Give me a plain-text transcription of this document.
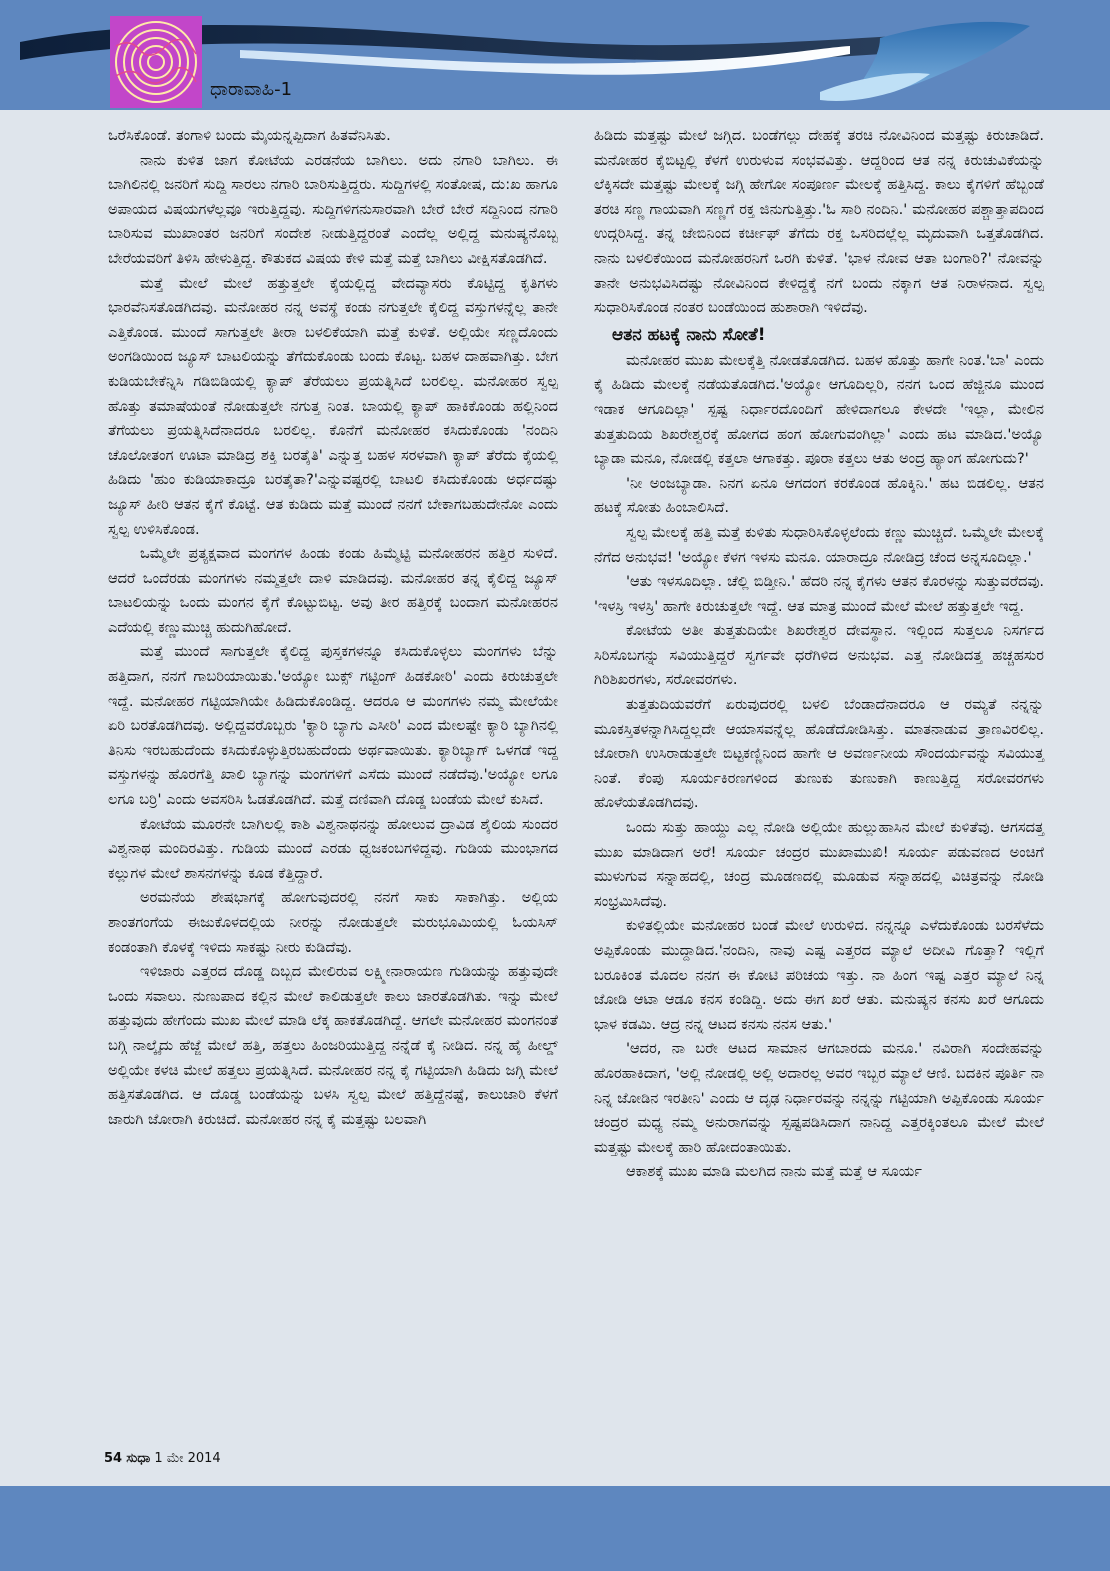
ಧಾರಾವಾಹಿ-1

ಒರೆಸಿಕೊಂಡೆ. ತಂಗಾಳಿ ಬಂದು ಮೈಯನ್ನಪ್ಪಿದಾಗ ಹಿತವೆನಿಸಿತು.

ನಾನು ಕುಳಿತ ಜಾಗ ಕೋಟೆಯ ಎರಡನೆಯ ಬಾಗಿಲು. ಅದು ನಗಾರಿ ಬಾಗಿಲು. ಈ ಬಾಗಿಲಿನಲ್ಲಿ ಜನರಿಗೆ ಸುದ್ದಿ ಸಾರಲು ನಗಾರಿ ಬಾರಿಸುತ್ತಿದ್ದರು. ಸುದ್ದಿಗಳಲ್ಲಿ ಸಂತೋಷ, ದು:ಖ ಹಾಗೂ ಅಪಾಯದ ವಿಷಯಗಳೆಲ್ಲವೂ ಇರುತ್ತಿದ್ದವು. ಸುದ್ದಿಗಳಿಗನುಸಾರವಾಗಿ ಬೇರೆ ಬೇರೆ ಸದ್ದಿನಿಂದ ನಗಾರಿ ಬಾರಿಸುವ ಮುಖಾಂತರ ಜನರಿಗೆ ಸಂದೇಶ ನೀಡುತ್ತಿದ್ದರಂತೆ ಎಂದೆಲ್ಲ ಅಲ್ಲಿದ್ದ ಮನುಷ್ಯನೊಬ್ಬ ಬೇರೆಯವರಿಗೆ ತಿಳಿಸಿ ಹೇಳುತ್ತಿದ್ದ. ಕೌತುಕದ ವಿಷಯ ಕೇಳಿ ಮತ್ತೆ ಮತ್ತೆ ಬಾಗಿಲು ವೀಕ್ಷಿಸತೊಡಗಿದೆ.

ಮತ್ತೆ ಮೇಲೆ ಮೇಲೆ ಹತ್ತುತ್ತಲೇ ಕೈಯಲ್ಲಿದ್ದ ವೇದವ್ಯಾಸರು ಕೊಟ್ಟಿದ್ದ ಕೃತಿಗಳು ಭಾರವೆನಿಸತೊಡಗಿದವು. ಮನೋಹರ ನನ್ನ ಅವಸ್ಥೆ ಕಂಡು ನಗುತ್ತಲೇ ಕೈಲಿದ್ದ ವಸ್ತುಗಳನ್ನೆಲ್ಲ ತಾನೇ ಎತ್ತಿಕೊಂಡ. ಮುಂದೆ ಸಾಗುತ್ತಲೇ ತೀರಾ ಬಳಲಿಕೆಯಾಗಿ ಮತ್ತೆ ಕುಳಿತೆ. ಅಲ್ಲಿಯೇ ಸಣ್ಣದೊಂದು ಅಂಗಡಿಯಿಂದ ಜ್ಯೂಸ್ ಬಾಟಲಿಯನ್ನು ತೆಗೆದುಕೊಂಡು ಬಂದು ಕೊಟ್ಟ. ಬಹಳ ದಾಹವಾಗಿತ್ತು. ಬೇಗ ಕುಡಿಯಬೇಕೆನ್ನಿಸಿ ಗಡಿಬಿಡಿಯಲ್ಲಿ ಕ್ಯಾಪ್ ತೆರೆಯಲು ಪ್ರಯತ್ನಿಸಿದೆ ಬರಲಿಲ್ಲ. ಮನೋಹರ ಸ್ವಲ್ಪ ಹೊತ್ತು ತಮಾಷೆಯಂತೆ ನೋಡುತ್ತಲೇ ನಗುತ್ತ ನಿಂತ. ಬಾಯಲ್ಲಿ ಕ್ಯಾಪ್ ಹಾಕಿಕೊಂಡು ಹಲ್ಲಿನಿಂದ ತೆಗೆಯಲು ಪ್ರಯತ್ನಿಸಿದೆನಾದರೂ ಬರಲಿಲ್ಲ. ಕೊನೆಗೆ ಮನೋಹರ ಕಸಿದುಕೊಂಡು 'ನಂದಿನಿ ಚೊಲೋತಂಗ ಊಟಾ ಮಾಡಿದ್ರ ಶಕ್ತಿ ಬರತೈತಿ' ಎನ್ನುತ್ತ ಬಹಳ ಸರಳವಾಗಿ ಕ್ಯಾಪ್ ತೆರೆದು ಕೈಯಲ್ಲಿ ಹಿಡಿದು 'ಹುಂ ಕುಡಿಯಾಕಾದ್ರೂ ಬರತೈತಾ?'ಎನ್ನುವಷ್ಟರಲ್ಲಿ ಬಾಟಲಿ ಕಸಿದುಕೊಂಡು ಅರ್ಧದಷ್ಟು ಜ್ಯೂಸ್ ಹೀರಿ ಆತನ ಕೈಗೆ ಕೊಟ್ಟೆ. ಆತ ಕುಡಿದು ಮತ್ತೆ ಮುಂದೆ ನನಗೆ ಬೇಕಾಗಬಹುದೇನೋ ಎಂದು ಸ್ವಲ್ಪ ಉಳಿಸಿಕೊಂಡ.

ಒಮ್ಮೆಲೇ ಪ್ರತ್ಯಕ್ಷವಾದ ಮಂಗಗಳ ಹಿಂಡು ಕಂಡು ಹಿಮ್ಮೆಟ್ಟಿ ಮನೋಹರನ ಹತ್ತಿರ ಸುಳಿದೆ. ಆದರೆ ಒಂದೆರಡು ಮಂಗಗಳು ನಮ್ಮತ್ತಲೇ ದಾಳಿ ಮಾಡಿದವು. ಮನೋಹರ ತನ್ನ ಕೈಲಿದ್ದ ಜ್ಯೂಸ್ ಬಾಟಲಿಯನ್ನು ಒಂದು ಮಂಗನ ಕೈಗೆ ಕೊಟ್ಟುಬಿಟ್ಟ. ಅವು ತೀರ ಹತ್ತಿರಕ್ಕೆ ಬಂದಾಗ ಮನೋಹರನ ಎದೆಯಲ್ಲಿ ಕಣ್ಣುಮುಚ್ಚಿ ಹುದುಗಿಹೋದೆ.

ಮತ್ತೆ ಮುಂದೆ ಸಾಗುತ್ತಲೇ ಕೈಲಿದ್ದ ಪುಸ್ತಕಗಳನ್ನೂ ಕಸಿದುಕೊಳ್ಳಲು ಮಂಗಗಳು ಬೆನ್ನು ಹತ್ತಿದಾಗ, ನನಗೆ ಗಾಬರಿಯಾಯಿತು.'ಅಯ್ಯೋ ಬುಕ್ಸ್ ಗಟ್ಟಿಂಗ್ ಹಿಡಕೋರಿ' ಎಂದು ಕಿರುಚುತ್ತಲೇ ಇದ್ದೆ. ಮನೋಹರ ಗಟ್ಟಿಯಾಗಿಯೇ ಹಿಡಿದುಕೊಂಡಿದ್ದ. ಆದರೂ ಆ ಮಂಗಗಳು ನಮ್ಮ ಮೇಲೆಯೇ ಏರಿ ಬರತೊಡಗಿದವು. ಅಲ್ಲಿದ್ದವರೊಬ್ಬರು 'ಕ್ಯಾರಿ ಬ್ಯಾಗು ಎಸೀರಿ' ಎಂದ ಮೇಲಷ್ಟೇ ಕ್ಯಾರಿ ಬ್ಯಾಗಿನಲ್ಲಿ ತಿನಿಸು ಇರಬಹುದೆಂದು ಕಸಿದುಕೊಳ್ಳುತ್ತಿರಬಹುದೆಂದು ಅರ್ಥವಾಯಿತು. ಕ್ಯಾರಿಬ್ಯಾಗ್ ಒಳಗಡೆ ಇದ್ದ ವಸ್ತುಗಳನ್ನು ಹೊರಗೆತ್ತಿ ಖಾಲಿ ಬ್ಯಾಗನ್ನು ಮಂಗಗಳಿಗೆ ಎಸೆದು ಮುಂದೆ ನಡೆದೆವು.'ಅಯ್ಯೋ ಲಗೂ ಲಗೂ ಬರ್ರಿ' ಎಂದು ಅವಸರಿಸಿ ಓಡತೊಡಗಿದೆ. ಮತ್ತೆ ದಣಿವಾಗಿ ದೊಡ್ಡ ಬಂಡೆಯ ಮೇಲೆ ಕುಸಿದೆ.

ಕೋಟೆಯ ಮೂರನೇ ಬಾಗಿಲಲ್ಲಿ ಕಾಶಿ ವಿಶ್ವನಾಥನನ್ನು ಹೋಲುವ ದ್ರಾವಿಡ ಶೈಲಿಯ ಸುಂದರ ವಿಶ್ವನಾಥ ಮಂದಿರವಿತ್ತು. ಗುಡಿಯ ಮುಂದೆ ಎರಡು ಧ್ವಜಕಂಬಗಳಿದ್ದವು. ಗುಡಿಯ ಮುಂಭಾಗದ ಕಲ್ಲುಗಳ ಮೇಲೆ ಶಾಸನಗಳನ್ನು ಕೂಡ ಕೆತ್ತಿದ್ದಾರೆ.

ಅರಮನೆಯ ಶೇಷಭಾಗಕ್ಕೆ ಹೋಗುವುದರಲ್ಲಿ ನನಗೆ ಸಾಕು ಸಾಕಾಗಿತ್ತು. ಅಲ್ಲಿಯ ಶಾಂತಗಂಗೆಯ ಈಜುಕೊಳದಲ್ಲಿಯ ನೀರನ್ನು ನೋಡುತ್ತಲೇ ಮರುಭೂಮಿಯಲ್ಲಿ ಓಯಸಿಸ್ ಕಂಡಂತಾಗಿ ಕೊಳಕ್ಕೆ ಇಳಿದು ಸಾಕಷ್ಟು ನೀರು ಕುಡಿದೆವು.

ಇಳಿಜಾರು ಎತ್ತರದ ದೊಡ್ಡ ದಿಬ್ಬದ ಮೇಲಿರುವ ಲಕ್ಷ್ಮೀನಾರಾಯಣ ಗುಡಿಯನ್ನು ಹತ್ತುವುದೇ ಒಂದು ಸವಾಲು. ನುಣುಪಾದ ಕಲ್ಲಿನ ಮೇಲೆ ಕಾಲಿಡುತ್ತಲೇ ಕಾಲು ಜಾರತೊಡಗಿತು. ಇನ್ನು ಮೇಲೆ ಹತ್ತುವುದು ಹೇಗೆಂದು ಮುಖ ಮೇಲೆ ಮಾಡಿ ಲೆಕ್ಕ ಹಾಕತೊಡಗಿದ್ದೆ. ಆಗಲೇ ಮನೋಹರ ಮಂಗನಂತೆ ಬಗ್ಗಿ ನಾಲ್ಕೈದು ಹೆಜ್ಜೆ ಮೇಲೆ ಹತ್ತಿ, ಹತ್ತಲು ಹಿಂಜರಿಯುತ್ತಿದ್ದ ನನ್ನೆಡೆ ಕೈ ನೀಡಿದ. ನನ್ನ ಹೈ ಹೀಲ್ಡ್ ಅಲ್ಲಿಯೇ ಕಳಚಿ ಮೇಲೆ ಹತ್ತಲು ಪ್ರಯತ್ನಿಸಿದೆ. ಮನೋಹರ ನನ್ನ ಕೈ ಗಟ್ಟಿಯಾಗಿ ಹಿಡಿದು ಜಗ್ಗಿ ಮೇಲೆ ಹತ್ತಿಸತೊಡಗಿದ. ಆ ದೊಡ್ಡ ಬಂಡೆಯನ್ನು ಬಳಸಿ ಸ್ವಲ್ಪ ಮೇಲೆ ಹತ್ತಿದ್ದೆನಷ್ಟೆ, ಕಾಲುಜಾರಿ ಕೆಳಗೆ ಜಾರುಗಿ ಜೋರಾಗಿ ಕಿರುಚಿದೆ. ಮನೋಹರ ನನ್ನ ಕೈ ಮತ್ತಷ್ಟು ಬಲವಾಗಿ

ಹಿಡಿದು ಮತ್ತಷ್ಟು ಮೇಲೆ ಜಗ್ಗಿದ. ಬಂಡೆಗಲ್ಲು ದೇಹಕ್ಕೆ ತರಚಿ ನೋವಿನಿಂದ ಮತ್ತಷ್ಟು ಕಿರುಚಾಡಿದೆ. ಮನೋಹರ ಕೈಬಿಟ್ಟಲ್ಲಿ ಕೆಳಗೆ ಉರುಳುವ ಸಂಭವವಿತ್ತು. ಆದ್ದರಿಂದ ಆತ ನನ್ನ ಕಿರುಚುವಿಕೆಯನ್ನು ಲೆಕ್ಕಿಸದೇ ಮತ್ತಷ್ಟು ಮೇಲಕ್ಕೆ ಜಗ್ಗಿ ಹೇಗೋ ಸಂಪೂರ್ಣ ಮೇಲಕ್ಕೆ ಹತ್ತಿಸಿದ್ದ. ಕಾಲು ಕೈಗಳಿಗೆ ಹೆಬ್ಬಂಡೆ ತರಚಿ ಸಣ್ಣ ಗಾಯವಾಗಿ ಸಣ್ಣಗೆ ರಕ್ತ ಜಿನುಗುತ್ತಿತ್ತು.'ಓ ಸಾರಿ ನಂದಿನಿ.' ಮನೋಹರ ಪಶ್ಚಾತ್ತಾಪದಿಂದ ಉದ್ಗರಿಸಿದ್ದ. ತನ್ನ ಜೇಬಿನಿಂದ ಕರ್ಚೀಫ್ ತೆಗೆದು ರಕ್ತ ಒಸರಿದಲ್ಲೆಲ್ಲ ಮೃದುವಾಗಿ ಒತ್ತತೊಡಗಿದ. ನಾನು ಬಳಲಿಕೆಯಿಂದ ಮನೋಹರನಿಗೆ ಒರಗಿ ಕುಳಿತೆ. 'ಭಾಳ ನೋವ ಆತಾ ಬಂಗಾರಿ?' ನೋವನ್ನು ತಾನೇ ಅನುಭವಿಸಿದಷ್ಟು ನೋವಿನಿಂದ ಕೇಳಿದ್ದಕ್ಕೆ ನಗೆ ಬಂದು ನಕ್ಕಾಗ ಆತ ನಿರಾಳನಾದ. ಸ್ವಲ್ಪ ಸುಧಾರಿಸಿಕೊಂಡ ನಂತರ ಬಂಡೆಯಿಂದ ಹುಶಾರಾಗಿ ಇಳಿದೆವು.

ಆತನ ಹಟಕ್ಕೆ ನಾನು ಸೋತೆ!

ಮನೋಹರ ಮುಖ ಮೇಲಕ್ಕೆತ್ತಿ ನೋಡತೊಡಗಿದ. ಬಹಳ ಹೊತ್ತು ಹಾಗೇ ನಿಂತ.'ಬಾ' ಎಂದು ಕೈ ಹಿಡಿದು ಮೇಲಕ್ಕೆ ನಡೆಯತೊಡಗಿದ.'ಅಯ್ಯೋ ಆಗೂದಿಲ್ಲರಿ, ನನಗ ಒಂದ ಹೆಜ್ಜಿನೂ ಮುಂದ ಇಡಾಕ ಆಗೂದಿಲ್ಲಾ' ಸ್ಪಷ್ಟ ನಿರ್ಧಾರದೊಂದಿಗೆ ಹೇಳಿದಾಗಲೂ ಕೇಳದೇ 'ಇಲ್ಲಾ, ಮೇಲಿನ ತುತ್ತತುದಿಯ ಶಿಖರೇಶ್ವರಕ್ಕೆ ಹೋಗದ ಹಂಗ ಹೋಗುವಂಗಿಲ್ಲಾ' ಎಂದು ಹಟ ಮಾಡಿದ.'ಅಯ್ಯೊ ಬ್ಯಾಡಾ ಮನೂ, ನೋಡಲ್ಲಿ ಕತ್ತಲಾ ಆಗಾಕತ್ತು. ಪೂರಾ ಕತ್ತಲು ಆತು ಅಂದ್ರ ಹ್ಯಾಂಗ ಹೋಗುದು?'

'ನೀ ಅಂಜಬ್ಯಾಡಾ. ನಿನಗ ಏನೂ ಆಗದಂಗ ಕರಕೊಂಡ ಹೊಕ್ಕಿನಿ.' ಹಟ ಬಿಡಲಿಲ್ಲ. ಆತನ ಹಟಕ್ಕೆ ಸೋತು ಹಿಂಬಾಲಿಸಿದೆ.

ಸ್ವಲ್ಪ ಮೇಲಕ್ಕೆ ಹತ್ತಿ ಮತ್ತೆ ಕುಳಿತು ಸುಧಾರಿಸಿಕೊಳ್ಳಲೆಂದು ಕಣ್ಣು ಮುಚ್ಚಿದೆ. ಒಮ್ಮೆಲೇ ಮೇಲಕ್ಕೆ ನೆಗೆದ ಅನುಭವ! 'ಅಯ್ಯೋ ಕೆಳಗ ಇಳಸು ಮನೂ. ಯಾರಾದ್ರೂ ನೋಡಿದ್ರ ಚೆಂದ ಅನ್ನಸೂದಿಲ್ಲಾ.'

'ಆತು ಇಳಸೂದಿಲ್ಲಾ. ಚೆಲ್ಲಿ ಬಿಡ್ತೀನಿ.' ಹೆದರಿ ನನ್ನ ಕೈಗಳು ಆತನ ಕೊರಳನ್ನು ಸುತ್ತುವರೆದವು. 'ಇಳಸ್ರಿ ಇಳಸ್ರಿ' ಹಾಗೇ ಕಿರುಚುತ್ತಲೇ ಇದ್ದೆ. ಆತ ಮಾತ್ರ ಮುಂದೆ ಮೇಲೆ ಮೇಲೆ ಹತ್ತುತ್ತಲೇ ಇದ್ದ.

ಕೋಟೆಯ ಅತೀ ತುತ್ತತುದಿಯೇ ಶಿಖರೇಶ್ವರ ದೇವಸ್ಥಾನ. ಇಲ್ಲಿಂದ ಸುತ್ತಲೂ ನಿಸರ್ಗದ ಸಿರಿಸೊಬಗನ್ನು ಸವಿಯುತ್ತಿದ್ದರೆ ಸ್ವರ್ಗವೇ ಧರೆಗಿಳಿದ ಅನುಭವ. ಎತ್ತ ನೋಡಿದತ್ತ ಹಚ್ಚಹಸುರ ಗಿರಿಶಿಖರಗಳು, ಸರೋವರಗಳು.

ತುತ್ತತುದಿಯವರೆಗೆ ಏರುವುದರಲ್ಲಿ ಬಳಲಿ ಬೆಂಡಾದೆನಾದರೂ ಆ ರಮ್ಯತೆ ನನ್ನನ್ನು ಮೂಕಸ್ತಿತಳನ್ನಾಗಿಸಿದ್ದಲ್ಲದೇ ಆಯಾಸವನ್ನೆಲ್ಲ ಹೊಡೆದೋಡಿಸಿತ್ತು. ಮಾತನಾಡುವ ತ್ರಾಣವಿರಲಿಲ್ಲ. ಜೋರಾಗಿ ಉಸಿರಾಡುತ್ತಲೇ ಬಿಟ್ಟಕಣ್ಣಿನಿಂದ ಹಾಗೇ ಆ ಅವರ್ಣನೀಯ ಸೌಂದರ್ಯವನ್ನು ಸವಿಯುತ್ತ ನಿಂತೆ. ಕೆಂಪು ಸೂರ್ಯಕಿರಣಗಳಿಂದ ತುಣುಕು ತುಣುಕಾಗಿ ಕಾಣುತ್ತಿದ್ದ ಸರೋವರಗಳು ಹೊಳೆಯತೊಡಗಿದವು.

ಒಂದು ಸುತ್ತು ಹಾಯ್ದು ಎಲ್ಲ ನೋಡಿ ಅಲ್ಲಿಯೇ ಹುಲ್ಲುಹಾಸಿನ ಮೇಲೆ ಕುಳಿತೆವು. ಆಗಸದತ್ತ ಮುಖ ಮಾಡಿದಾಗ ಅರೆ! ಸೂರ್ಯ ಚಂದ್ರರ ಮುಖಾಮುಖಿ! ಸೂರ್ಯ ಪಡುವಣದ ಅಂಚಿಗೆ ಮುಳುಗುವ ಸನ್ನಾಹದಲ್ಲಿ, ಚಂದ್ರ ಮೂಡಣದಲ್ಲಿ ಮೂಡುವ ಸನ್ನಾಹದಲ್ಲಿ ವಿಚಿತ್ರವನ್ನು ನೋಡಿ ಸಂಭ್ರಮಿಸಿದೆವು.

ಕುಳಿತಲ್ಲಿಯೇ ಮನೋಹರ ಬಂಡೆ ಮೇಲೆ ಉರುಳಿದ. ನನ್ನನ್ನೂ ಎಳೆದುಕೊಂಡು ಬರಸೆಳೆದು ಅಪ್ಪಿಕೊಂಡು ಮುದ್ದಾಡಿದ.'ನಂದಿನಿ, ನಾವು ಎಷ್ಟ ಎತ್ತರದ ಮ್ಯಾಲೆ ಅದೀವಿ ಗೊತ್ತಾ? ಇಲ್ಲಿಗೆ ಬರೂಕಿಂತ ಮೊದಲ ನನಗ ಈ ಕೋಟಿ ಪರಿಚಯ ಇತ್ತು. ನಾ ಹಿಂಗ ಇಷ್ಟ ಎತ್ತರ ಮ್ಯಾಲೆ ನಿನ್ನ ಜೋಡಿ ಆಟಾ ಆಡೂ ಕನಸ ಕಂಡಿದ್ದಿ. ಅದು ಈಗ ಖರೆ ಆತು. ಮನುಷ್ಯನ ಕನಸು ಖರೆ ಆಗೂದು ಭಾಳ ಕಡಮಿ. ಆದ್ರ ನನ್ನ ಆಟದ ಕನಸು ನನಸ ಆತು.'

'ಆದರ, ನಾ ಬರೇ ಆಟದ ಸಾಮಾನ ಆಗಬಾರದು ಮನೂ.' ನವಿರಾಗಿ ಸಂದೇಹವನ್ನು ಹೊರಹಾಕಿದಾಗ, 'ಅಲ್ಲಿ ನೋಡಲ್ಲಿ ಅಲ್ಲಿ ಅದಾರಲ್ಲ ಅವರ ಇಬ್ಬರ ಮ್ಯಾಲೆ ಆಣಿ. ಬದಕಿನ ಪೂರ್ತಿ ನಾ ನಿನ್ನ ಜೋಡಿನ ಇರತೀನಿ' ಎಂದು ಆ ದೃಢ ನಿರ್ಧಾರವನ್ನು ನನ್ನನ್ನು ಗಟ್ಟಿಯಾಗಿ ಅಪ್ಪಿಕೊಂಡು ಸೂರ್ಯ ಚಂದ್ರರ ಮಧ್ಯ ನಮ್ಮ ಅನುರಾಗವನ್ನು ಸ್ಪಷ್ಟಪಡಿಸಿದಾಗ ನಾನಿದ್ದ ಎತ್ತರಕ್ಕಿಂತಲೂ ಮೇಲೆ ಮೇಲೆ ಮತ್ತಷ್ಟು ಮೇಲಕ್ಕೆ ಹಾರಿ ಹೋದಂತಾಯಿತು.

ಆಕಾಶಕ್ಕೆ ಮುಖ ಮಾಡಿ ಮಲಗಿದ ನಾನು ಮತ್ತೆ ಮತ್ತೆ ಆ ಸೂರ್ಯ

54 ಸುಧಾ 1 ಮೇ 2014
